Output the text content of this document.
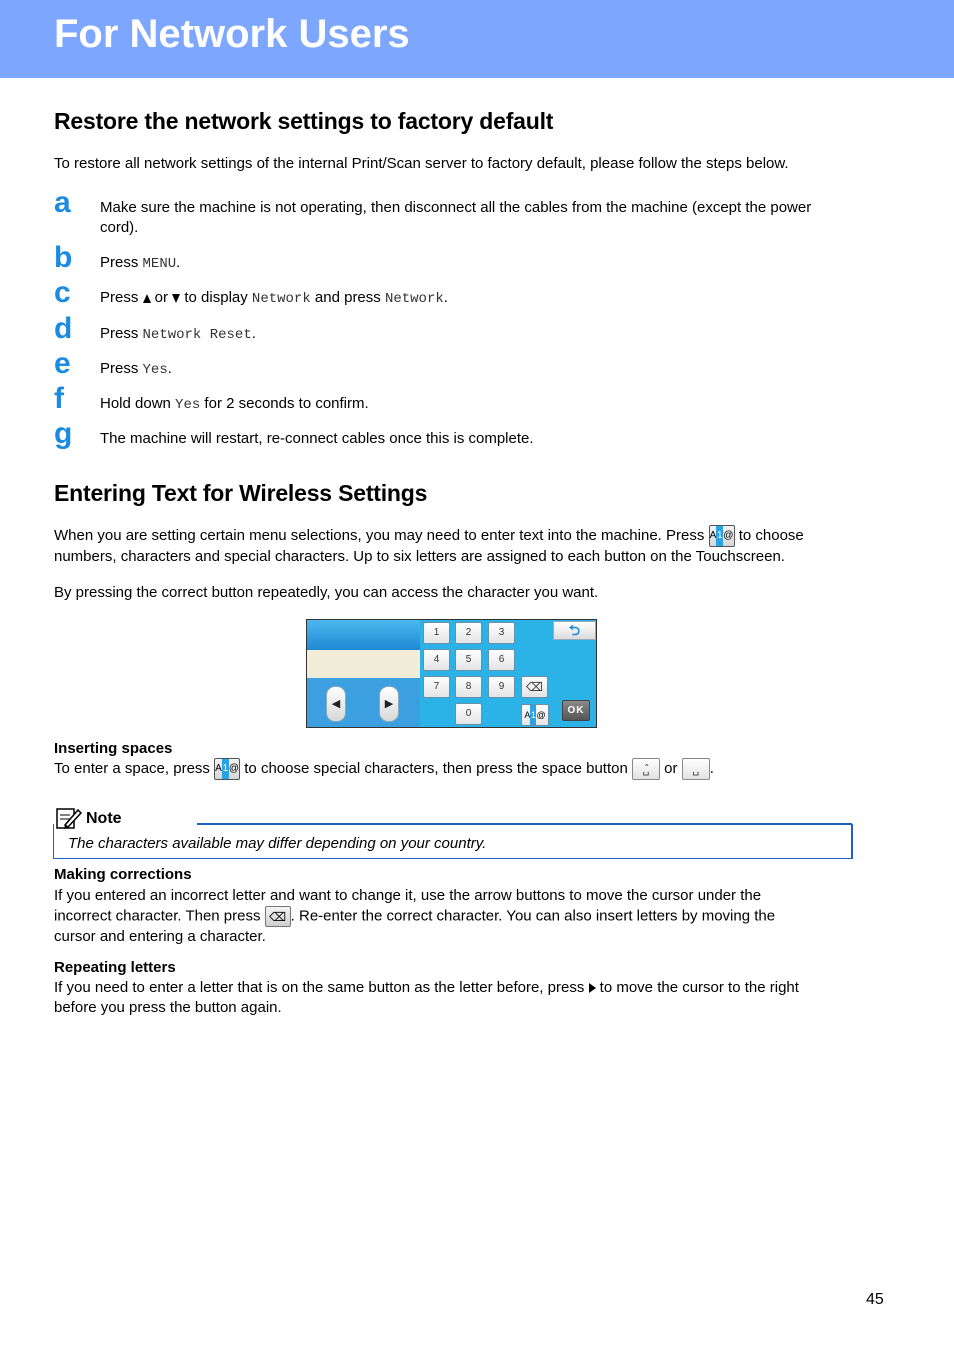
For Network Users
Restore the network settings to factory default
To restore all network settings of the internal Print/Scan server to factory default, please follow the steps below.
a Make sure the machine is not operating, then disconnect all the cables from the machine (except the power cord).
b Press MENU.
c Press  or  to display Network and press Network.
d Press Network Reset.
e Press Yes.
f Hold down Yes for 2 seconds to confirm.
g The machine will restart, re-connect cables once this is complete.
Entering Text for Wireless Settings
When you are setting certain menu selections, you may need to enter text into the machine. Press A1@ to choose numbers, characters and special characters. Up to six letters are assigned to each button on the Touchscreen.
By pressing the correct button repeatedly, you can access the character you want.
◀	▶
1	2	3
4	5	6
7	8	9	⌫
0	A1@
⮌
OK
Inserting spaces
To enter a space, press A1@ to choose special characters, then press the space button ␣̂ or ␣ .
Note
The characters available may differ depending on your country.
Making corrections
If you entered an incorrect letter and want to change it, use the arrow buttons to move the cursor under the
incorrect character. Then press ⌫ . Re-enter the correct character. You can also insert letters by moving the
cursor and entering a character.
Repeating letters
If you need to enter a letter that is on the same button as the letter before, press to move the cursor to the right
before you press the button again.
45
